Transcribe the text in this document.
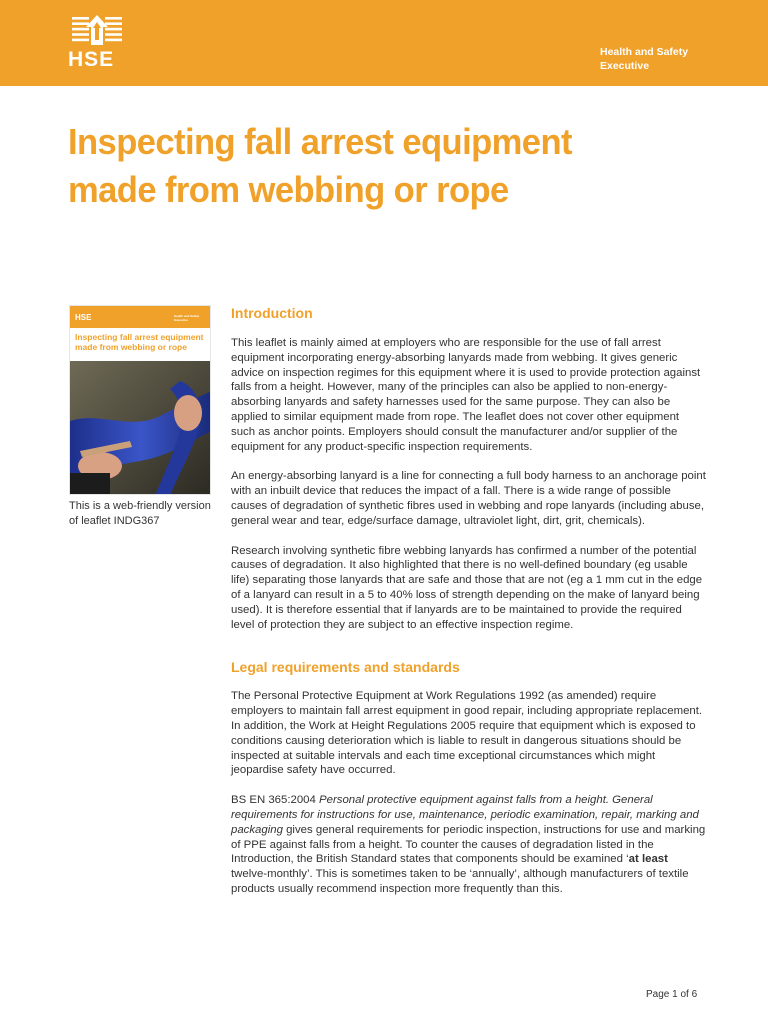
HSE	Health and Safety
Executive
Inspecting fall arrest equipment
made from webbing or rope
HSE	Health and Safety Executive
Inspecting fall arrest equipment made from webbing or rope
This is a web-friendly version of leaflet INDG367
Introduction

This leaflet is mainly aimed at employers who are responsible for the use of fall arrest equipment incorporating energy-absorbing lanyards made from webbing. It gives generic advice on inspection regimes for this equipment where it is used to provide protection against falls from a height. However, many of the principles can also be applied to non-energy-absorbing lanyards and safety harnesses used for the same purpose. They can also be applied to similar equipment made from rope. The leaflet does not cover other equipment such as anchor points. Employers should consult the manufacturer and/or supplier of the equipment for any product-specific inspection requirements.

An energy-absorbing lanyard is a line for connecting a full body harness to an anchorage point with an inbuilt device that reduces the impact of a fall. There is a wide range of possible causes of degradation of synthetic fibres used in webbing and rope lanyards (including abuse, general wear and tear, edge/surface damage, ultraviolet light, dirt, grit, chemicals).

Research involving synthetic fibre webbing lanyards has confirmed a number of the potential causes of degradation. It also highlighted that there is no well-defined boundary (eg usable life) separating those lanyards that are safe and those that are not (eg a 1 mm cut in the edge of a lanyard can result in a 5 to 40% loss of strength depending on the make of lanyard being used). It is therefore essential that if lanyards are to be maintained to provide the required level of protection they are subject to an effective inspection regime.

Legal requirements and standards

The Personal Protective Equipment at Work Regulations 1992 (as amended) require employers to maintain fall arrest equipment in good repair, including appropriate replacement. In addition, the Work at Height Regulations 2005 require that equipment which is exposed to conditions causing deterioration which is liable to result in dangerous situations should be inspected at suitable intervals and each time exceptional circumstances which might jeopardise safety have occurred.

BS EN 365:2004 Personal protective equipment against falls from a height. General requirements for instructions for use, maintenance, periodic examination, repair, marking and packaging gives general requirements for periodic inspection, instructions for use and marking of PPE against falls from a height. To counter the causes of degradation listed in the Introduction, the British Standard states that components should be examined ‘at least twelve-monthly’. This is sometimes taken to be ‘annually’, although manufacturers of textile products usually recommend inspection more frequently than this.

Page 1 of 6
